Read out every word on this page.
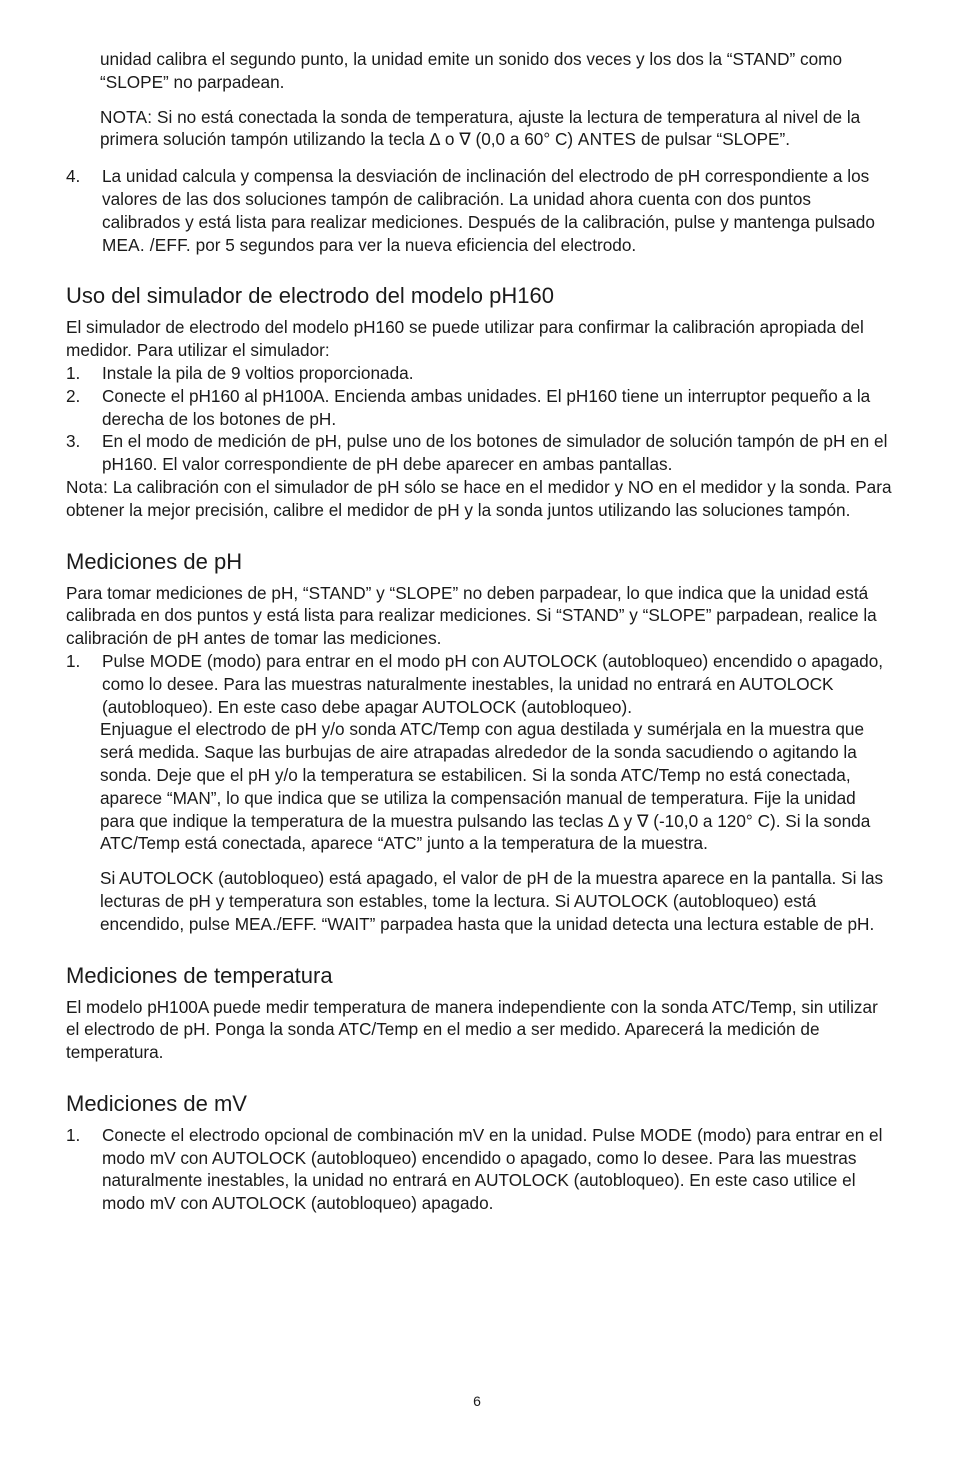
unidad calibra el segundo punto, la unidad emite un sonido dos veces y los dos la “STAND” como “SLOPE” no parpadean.

NOTA: Si no está conectada la sonda de temperatura, ajuste la lectura de temperatura al nivel de la primera solución tampón utilizando la tecla ∆ o ∇ (0,0 a 60° C) ANTES de pulsar “SLOPE”.

4.	La unidad calcula y compensa la desviación de inclinación del electrodo de pH correspondiente a los valores de las dos soluciones tampón de calibración. La unidad ahora cuenta con dos puntos calibrados y está lista para realizar mediciones. Después de la calibración, pulse y mantenga pulsado MEA. /EFF. por 5 segundos para ver la nueva eficiencia del electrodo.

Uso del simulador de electrodo del modelo pH160

El simulador de electrodo del modelo pH160 se puede utilizar para confirmar la calibración apropiada del medidor. Para utilizar el simulador:

1.	Instale la pila de 9 voltios proporcionada.

2.	Conecte el pH160 al pH100A. Encienda ambas unidades. El pH160 tiene un interruptor pequeño a la derecha de los botones de pH.

3.	En el modo de medición de pH, pulse uno de los botones de simulador de solución tampón de pH en el pH160. El valor correspondiente de pH debe aparecer en ambas pantallas.

Nota: La calibración con el simulador de pH sólo se hace en el medidor y NO en el medidor y la sonda. Para obtener la mejor precisión, calibre el medidor de pH y la sonda juntos utilizando las soluciones tampón.

Mediciones de pH

Para tomar mediciones de pH, “STAND” y “SLOPE” no deben parpadear, lo que indica que la unidad está calibrada en dos puntos y está lista para realizar mediciones. Si “STAND” y “SLOPE” parpadean, realice la calibración de pH antes de tomar las mediciones.

1.	Pulse MODE (modo) para entrar en el modo pH con AUTOLOCK (autobloqueo) encendido o apagado, como lo desee. Para las muestras naturalmente inestables, la unidad no entrará en AUTOLOCK (autobloqueo). En este caso debe apagar AUTOLOCK (autobloqueo).

Enjuague el electrodo de pH y/o sonda ATC/Temp con agua destilada y sumérjala en la muestra que será medida. Saque las burbujas de aire atrapadas alrededor de la sonda sacudiendo o agitando la sonda. Deje que el pH y/o la temperatura se estabilicen. Si la sonda ATC/Temp no está conectada, aparece “MAN”, lo que indica que se utiliza la compensación manual de temperatura. Fije la unidad para que indique la temperatura de la muestra pulsando las teclas ∆ y ∇ (-10,0 a 120° C). Si la sonda ATC/Temp está conectada, aparece “ATC” junto a la temperatura de la muestra.

Si AUTOLOCK (autobloqueo) está apagado, el valor de pH de la muestra aparece en la pantalla. Si las lecturas de pH y temperatura son estables, tome la lectura. Si AUTOLOCK (autobloqueo) está encendido, pulse MEA./EFF. “WAIT” parpadea hasta que la unidad detecta una lectura estable de pH.

Mediciones de temperatura

El modelo pH100A puede medir temperatura de manera independiente con la sonda ATC/Temp, sin utilizar el electrodo de pH. Ponga la sonda ATC/Temp en el medio a ser medido. Aparecerá la medición de temperatura.

Mediciones de mV
1.	Conecte el electrodo opcional de combinación mV en la unidad. Pulse MODE (modo) para entrar en el modo mV con AUTOLOCK (autobloqueo) encendido o apagado, como lo desee. Para las muestras naturalmente inestables, la unidad no entrará en AUTOLOCK (autobloqueo). En este caso utilice el modo mV con AUTOLOCK (autobloqueo) apagado.

6
